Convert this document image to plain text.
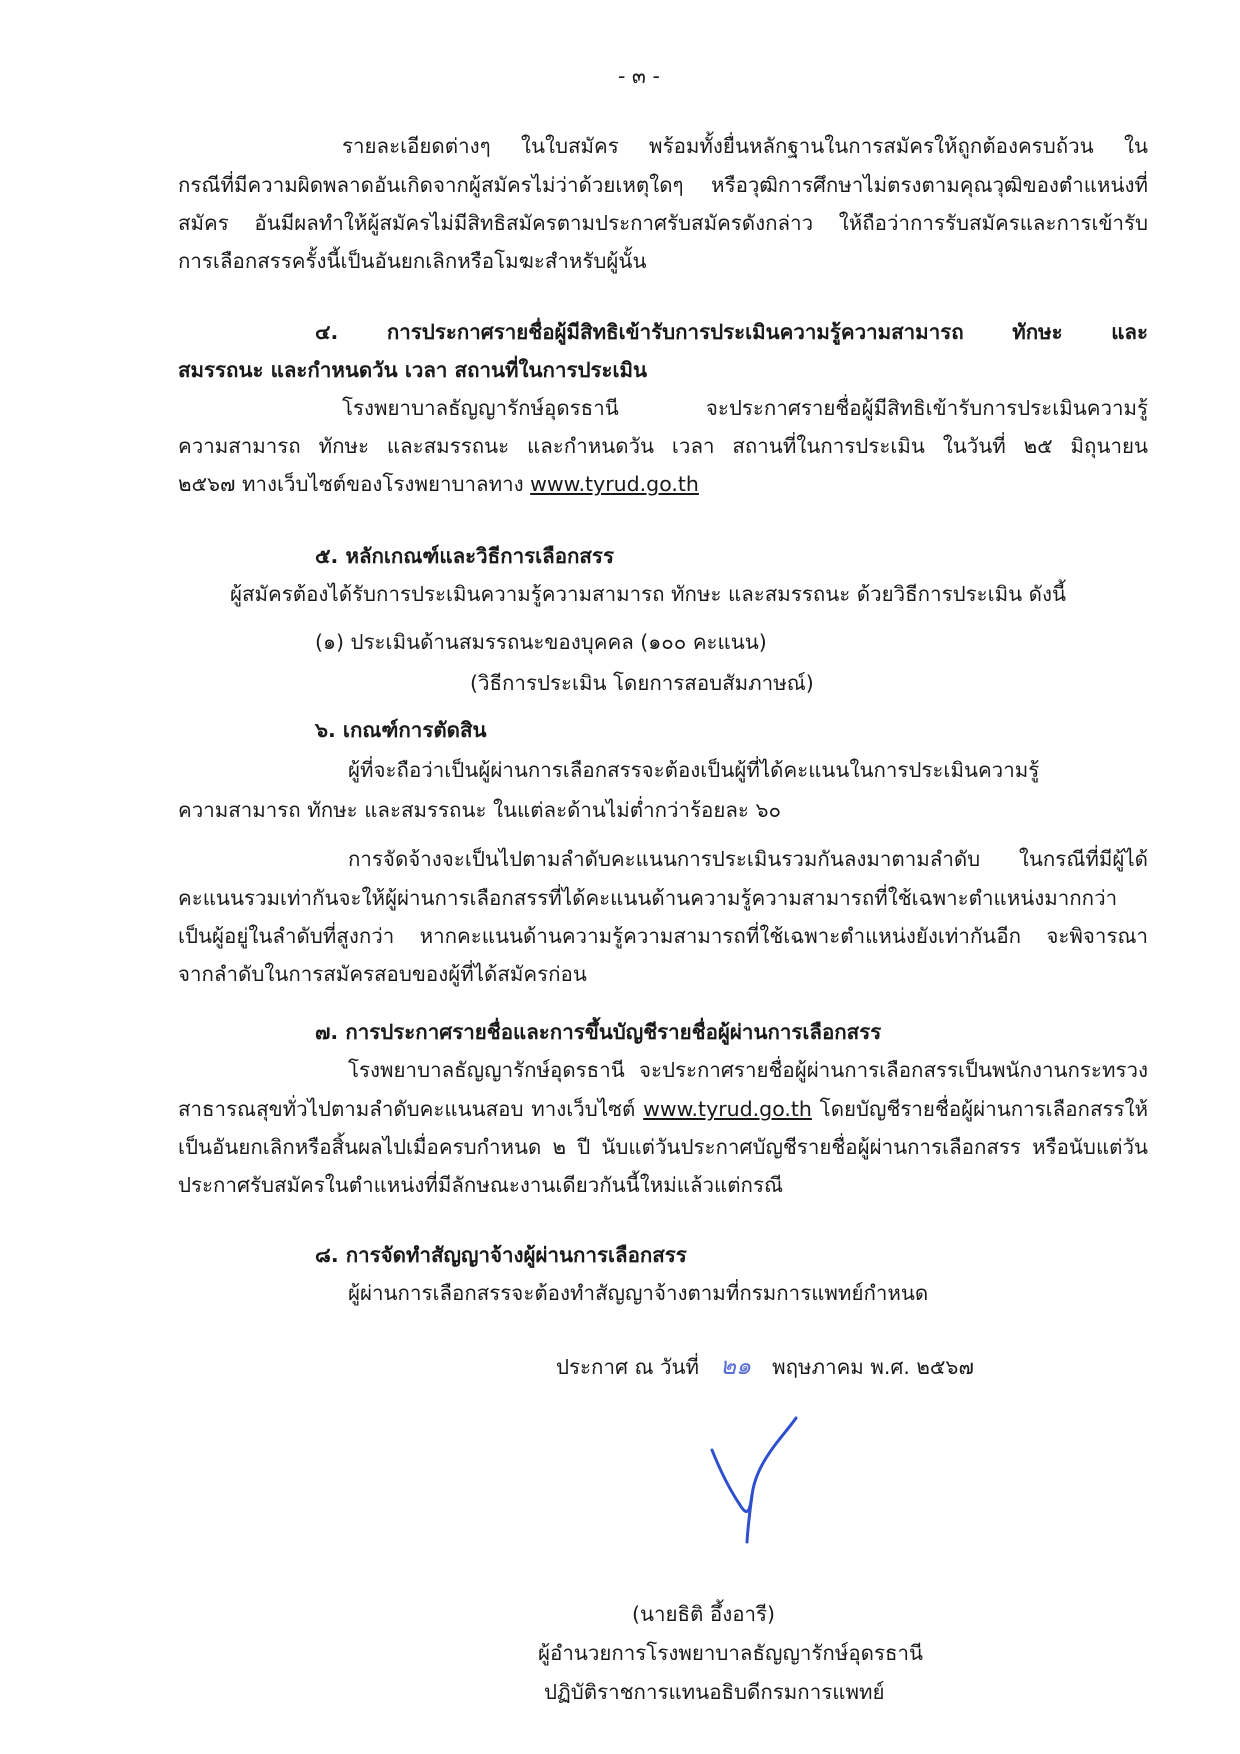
- ๓ -
รายละเอียดต่างๆ ในใบสมัคร พร้อมทั้งยื่นหลักฐานในการสมัครให้ถูกต้องครบถ้วน ใน
กรณีที่มีความผิดพลาดอันเกิดจากผู้สมัครไม่ว่าด้วยเหตุใดๆ หรือวุฒิการศึกษาไม่ตรงตามคุณวุฒิของตำแหน่งที่
สมัคร อันมีผลทำให้ผู้สมัครไม่มีสิทธิสมัครตามประกาศรับสมัครดังกล่าว ให้ถือว่าการรับสมัครและการเข้ารับ
การเลือกสรรครั้งนี้เป็นอันยกเลิกหรือโมฆะสำหรับผู้นั้น
๔. การประกาศรายชื่อผู้มีสิทธิเข้ารับการประเมินความรู้ความสามารถ ทักษะ และ
สมรรถนะ และกำหนดวัน เวลา สถานที่ในการประเมิน
โรงพยาบาลธัญญารักษ์อุดรธานี จะประกาศรายชื่อผู้มีสิทธิเข้ารับการประเมินความรู้
ความสามารถ ทักษะ และสมรรถนะ และกำหนดวัน เวลา สถานที่ในการประเมิน ในวันที่ ๒๕ มิถุนายน
๒๕๖๗ ทางเว็บไซต์ของโรงพยาบาลทาง www.tyrud.go.th
๕. หลักเกณฑ์และวิธีการเลือกสรร
ผู้สมัครต้องได้รับการประเมินความรู้ความสามารถ ทักษะ และสมรรถนะ ด้วยวิธีการประเมิน ดังนี้
(๑) ประเมินด้านสมรรถนะของบุคคล (๑๐๐ คะแนน)
(วิธีการประเมิน โดยการสอบสัมภาษณ์)
๖. เกณฑ์การตัดสิน
ผู้ที่จะถือว่าเป็นผู้ผ่านการเลือกสรรจะต้องเป็นผู้ที่ได้คะแนนในการประเมินความรู้
ความสามารถ ทักษะ และสมรรถนะ ในแต่ละด้านไม่ต่ำกว่าร้อยละ ๖๐
การจัดจ้างจะเป็นไปตามลำดับคะแนนการประเมินรวมกันลงมาตามลำดับ ในกรณีที่มีผู้ได้
คะแนนรวมเท่ากันจะให้ผู้ผ่านการเลือกสรรที่ได้คะแนนด้านความรู้ความสามารถที่ใช้เฉพาะตำแหน่งมากกว่า
เป็นผู้อยู่ในลำดับที่สูงกว่า หากคะแนนด้านความรู้ความสามารถที่ใช้เฉพาะตำแหน่งยังเท่ากันอีก จะพิจารณา
จากลำดับในการสมัครสอบของผู้ที่ได้สมัครก่อน
๗. การประกาศรายชื่อและการขึ้นบัญชีรายชื่อผู้ผ่านการเลือกสรร
โรงพยาบาลธัญญารักษ์อุดรธานี จะประกาศรายชื่อผู้ผ่านการเลือกสรรเป็นพนักงานกระทรวง
สาธารณสุขทั่วไปตามลำดับคะแนนสอบ ทางเว็บไซต์ www.tyrud.go.th โดยบัญชีรายชื่อผู้ผ่านการเลือกสรรให้
เป็นอันยกเลิกหรือสิ้นผลไปเมื่อครบกำหนด ๒ ปี นับแต่วันประกาศบัญชีรายชื่อผู้ผ่านการเลือกสรร หรือนับแต่วัน
ประกาศรับสมัครในตำแหน่งที่มีลักษณะงานเดียวกันนี้ใหม่แล้วแต่กรณี
๘. การจัดทำสัญญาจ้างผู้ผ่านการเลือกสรร
ผู้ผ่านการเลือกสรรจะต้องทำสัญญาจ้างตามที่กรมการแพทย์กำหนด
ประกาศ ณ วันที่ ๒๑ พฤษภาคม พ.ศ. ๒๕๖๗
(นายธิติ อึ้งอารี)
ผู้อำนวยการโรงพยาบาลธัญญารักษ์อุดรธานี
ปฏิบัติราชการแทนอธิบดีกรมการแพทย์
